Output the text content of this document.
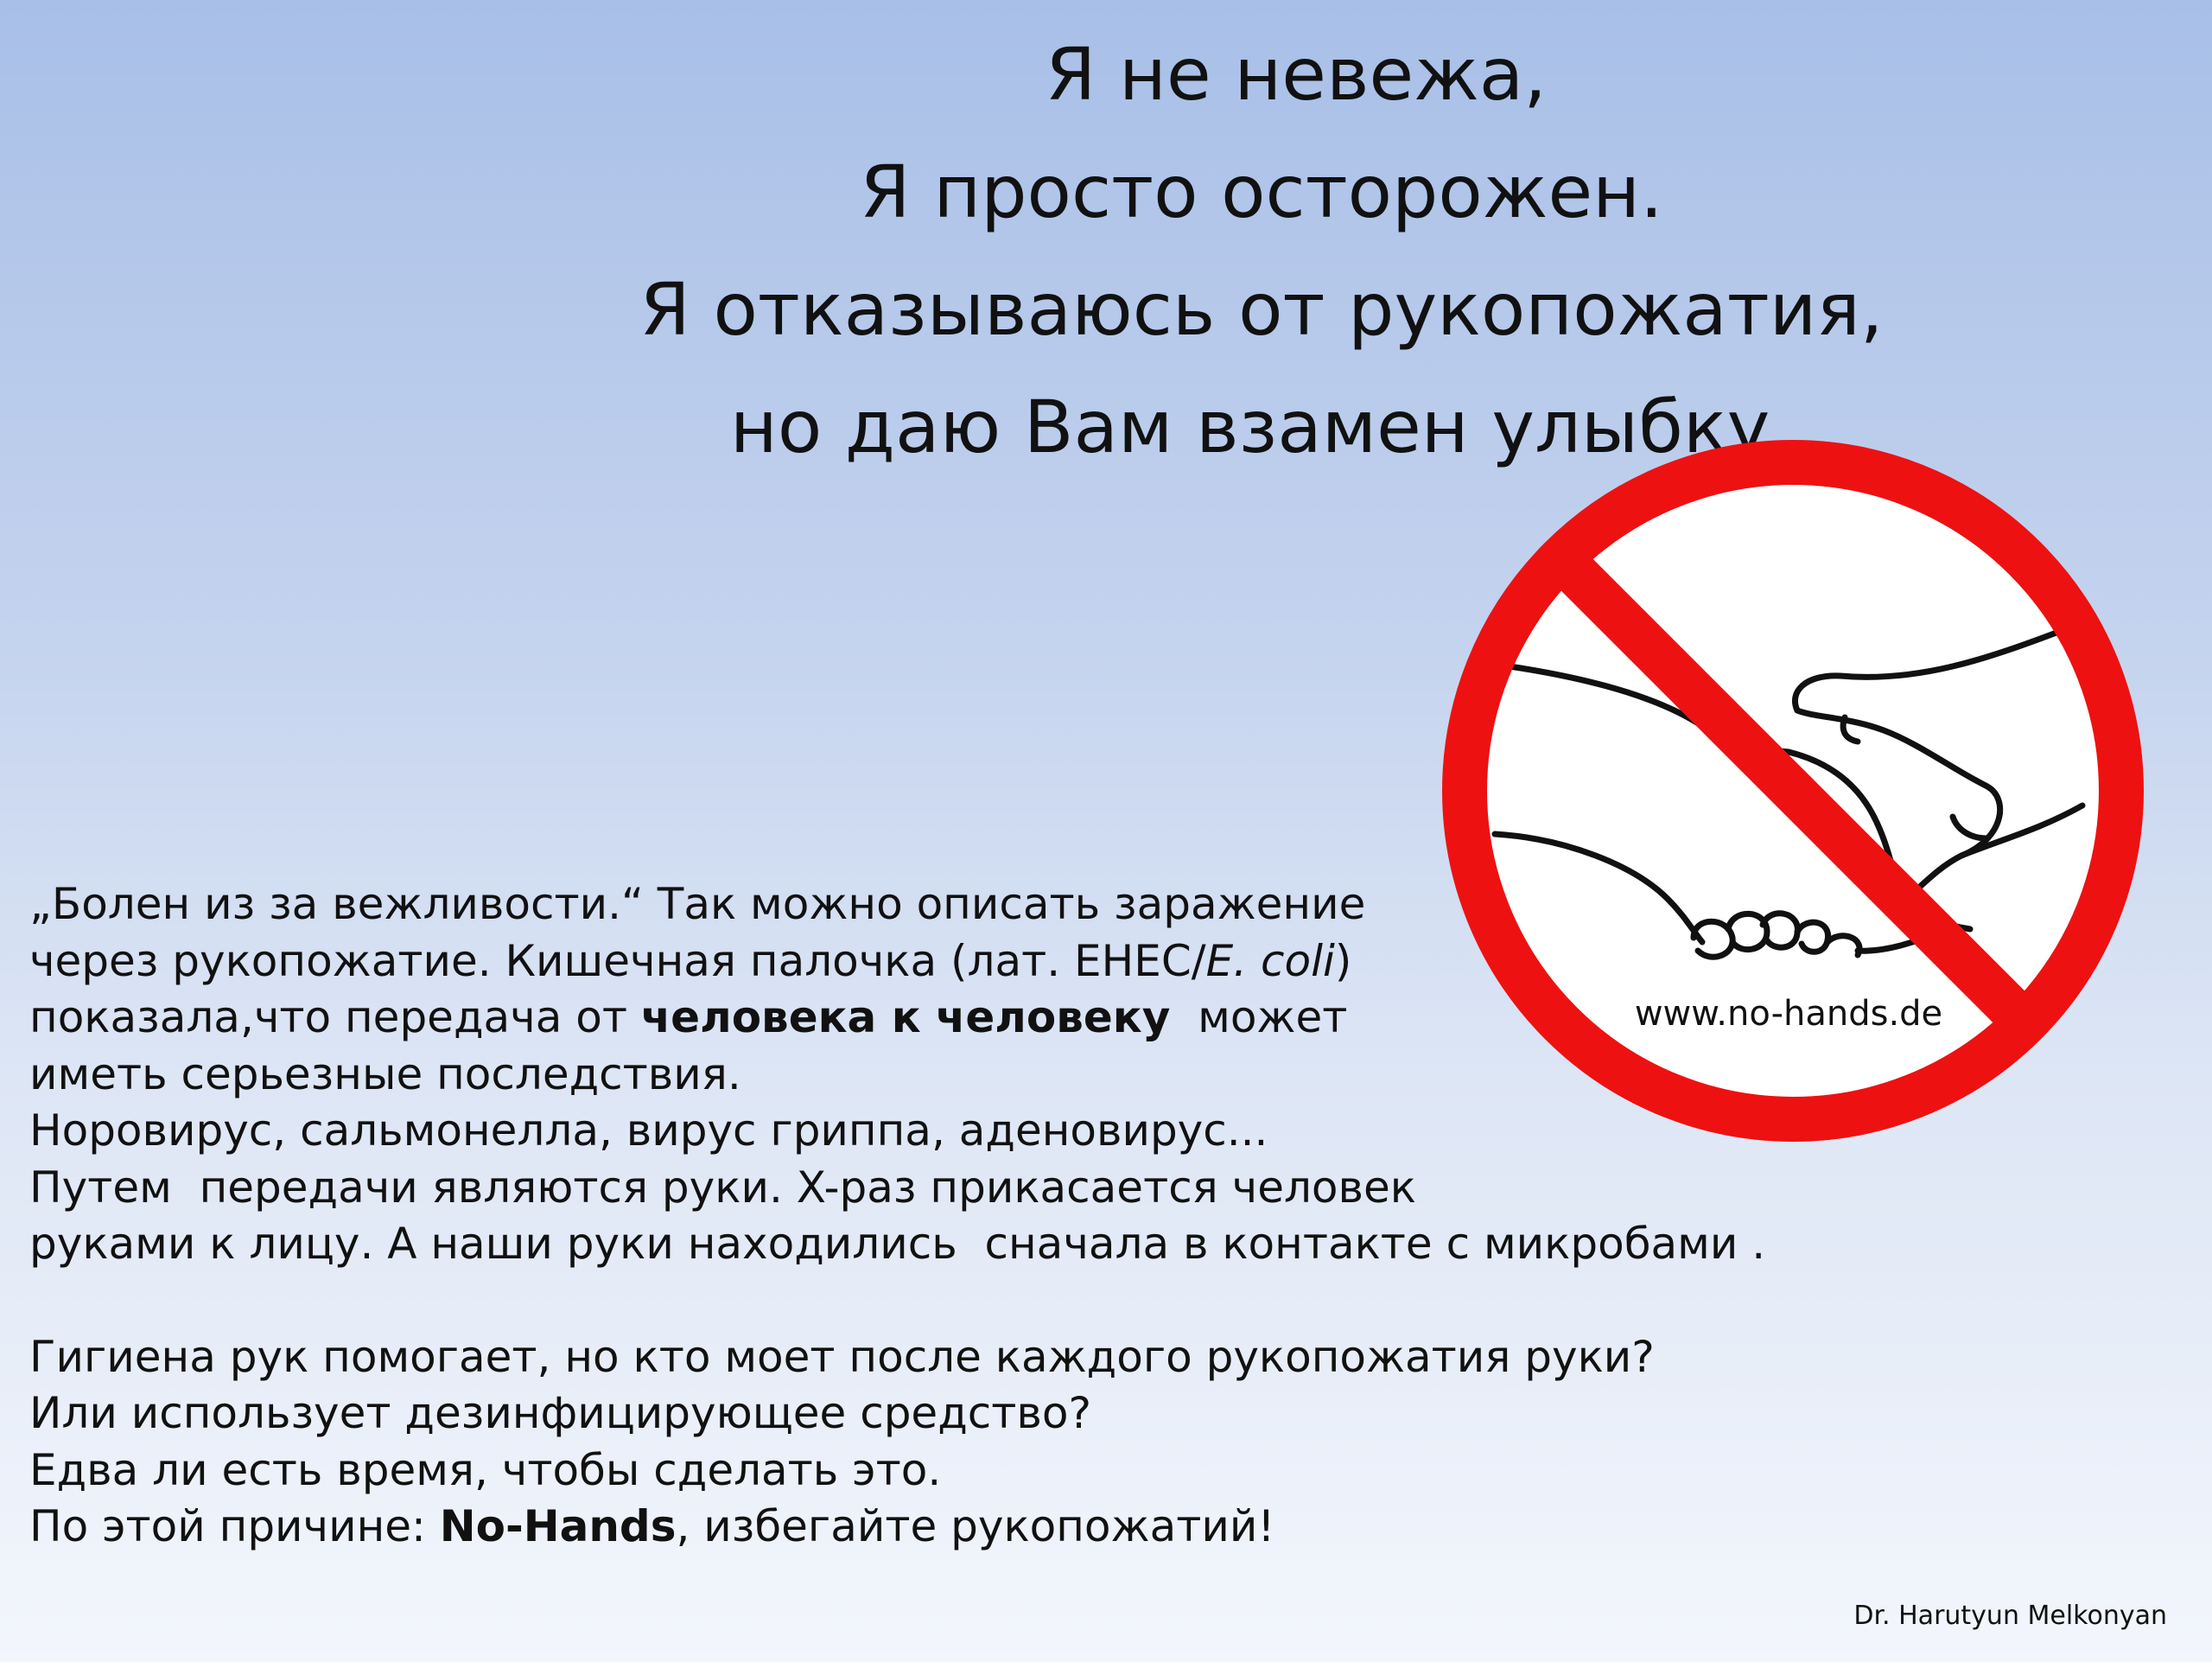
Я не невежа,
Я просто осторожен.
Я отказываюсь от рукопожатия,
но даю Вам взамен улыбку.
www.no-hands.de

„Болен из за вежливости.“ Так можно описать заражение

через рукопожатие. Кишечная палочка (лат. EHEC/E. coli)

показала,что передача от человека к человеку  может

иметь серьезные последствия.

Норовирус, сальмонелла, вирус гриппа, аденовирус...

Путем  передачи являются руки. X-раз прикасается человек

руками к лицу. А наши руки находились  сначала в контакте с микробами .

Гигиена рук помогает, но кто моет после каждого рукопожатия руки?

Или использует дезинфицирующее средство?

Едва ли есть время, чтобы сделать это.

По этой причине: No-Hands, избегайте рукопожатий!

Dr. Harutyun Melkonyan
